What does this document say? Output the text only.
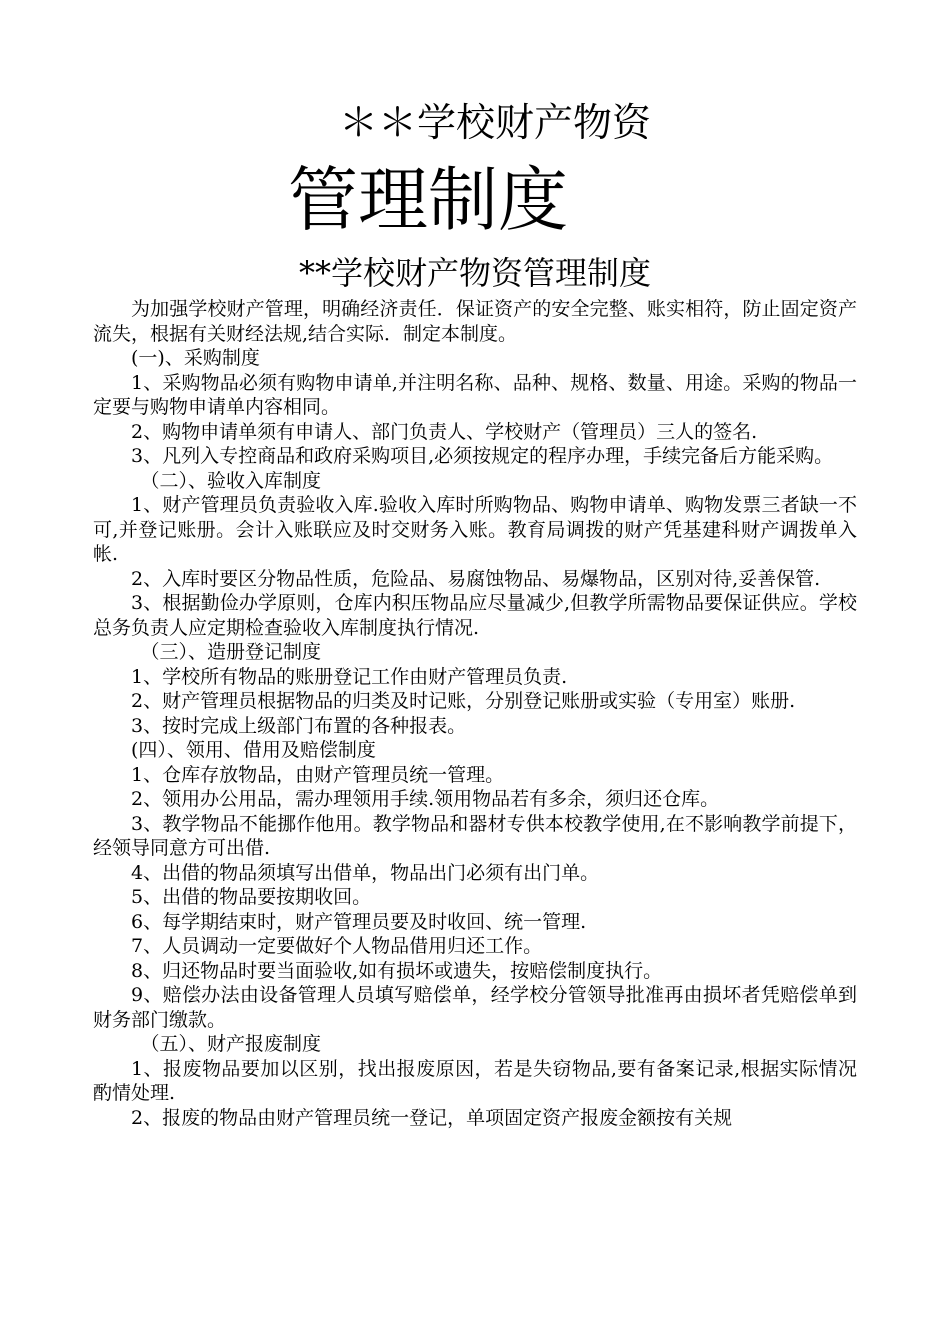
＊＊学校财产物资
管理制度
**学校财产物资管理制度

为加强学校财产管理，明确经济责任．保证资产的安全完整、账实相符，防止固定资产流失，根据有关财经法规,结合实际．制定本制度。

(一)、采购制度

1、采购物品必须有购物申请单,并注明名称、品种、规格、数量、用途。采购的物品一定要与购物申请单内容相同。

2、购物申请单须有申请人、部门负责人、学校财产（管理员）三人的签名.

3、凡列入专控商品和政府采购项目,必须按规定的程序办理，手续完备后方能采购。

（二）、验收入库制度

1、财产管理员负责验收入库.验收入库时所购物品、购物申请单、购物发票三者缺一不可,并登记账册。会计入账联应及时交财务入账。教育局调拨的财产凭基建科财产调拨单入帐.

2、入库时要区分物品性质，危险品、易腐蚀物品、易爆物品，区别对待,妥善保管.

3、根据勤俭办学原则，仓库内积压物品应尽量减少,但教学所需物品要保证供应。学校总务负责人应定期检查验收入库制度执行情况.

（三）、造册登记制度

1、学校所有物品的账册登记工作由财产管理员负责.

2、财产管理员根据物品的归类及时记账，分别登记账册或实验（专用室）账册.

3、按时完成上级部门布置的各种报表。

(四）、领用、借用及赔偿制度

1、仓库存放物品，由财产管理员统一管理。

2、领用办公用品，需办理领用手续.领用物品若有多余，须归还仓库。

3、教学物品不能挪作他用。教学物品和器材专供本校教学使用,在不影响教学前提下，经领导同意方可出借.

4、出借的物品须填写出借单，物品出门必须有出门单。

5、出借的物品要按期收回。

6、每学期结束时，财产管理员要及时收回、统一管理.

7、人员调动一定要做好个人物品借用归还工作。

8、归还物品时要当面验收,如有损坏或遗失，按赔偿制度执行。

9、赔偿办法由设备管理人员填写赔偿单，经学校分管领导批准再由损坏者凭赔偿单到财务部门缴款。

（五）、财产报废制度

1、报废物品要加以区别，找出报废原因，若是失窃物品,要有备案记录,根据实际情况酌情处理.

2、报废的物品由财产管理员统一登记，单项固定资产报废金额按有关规
